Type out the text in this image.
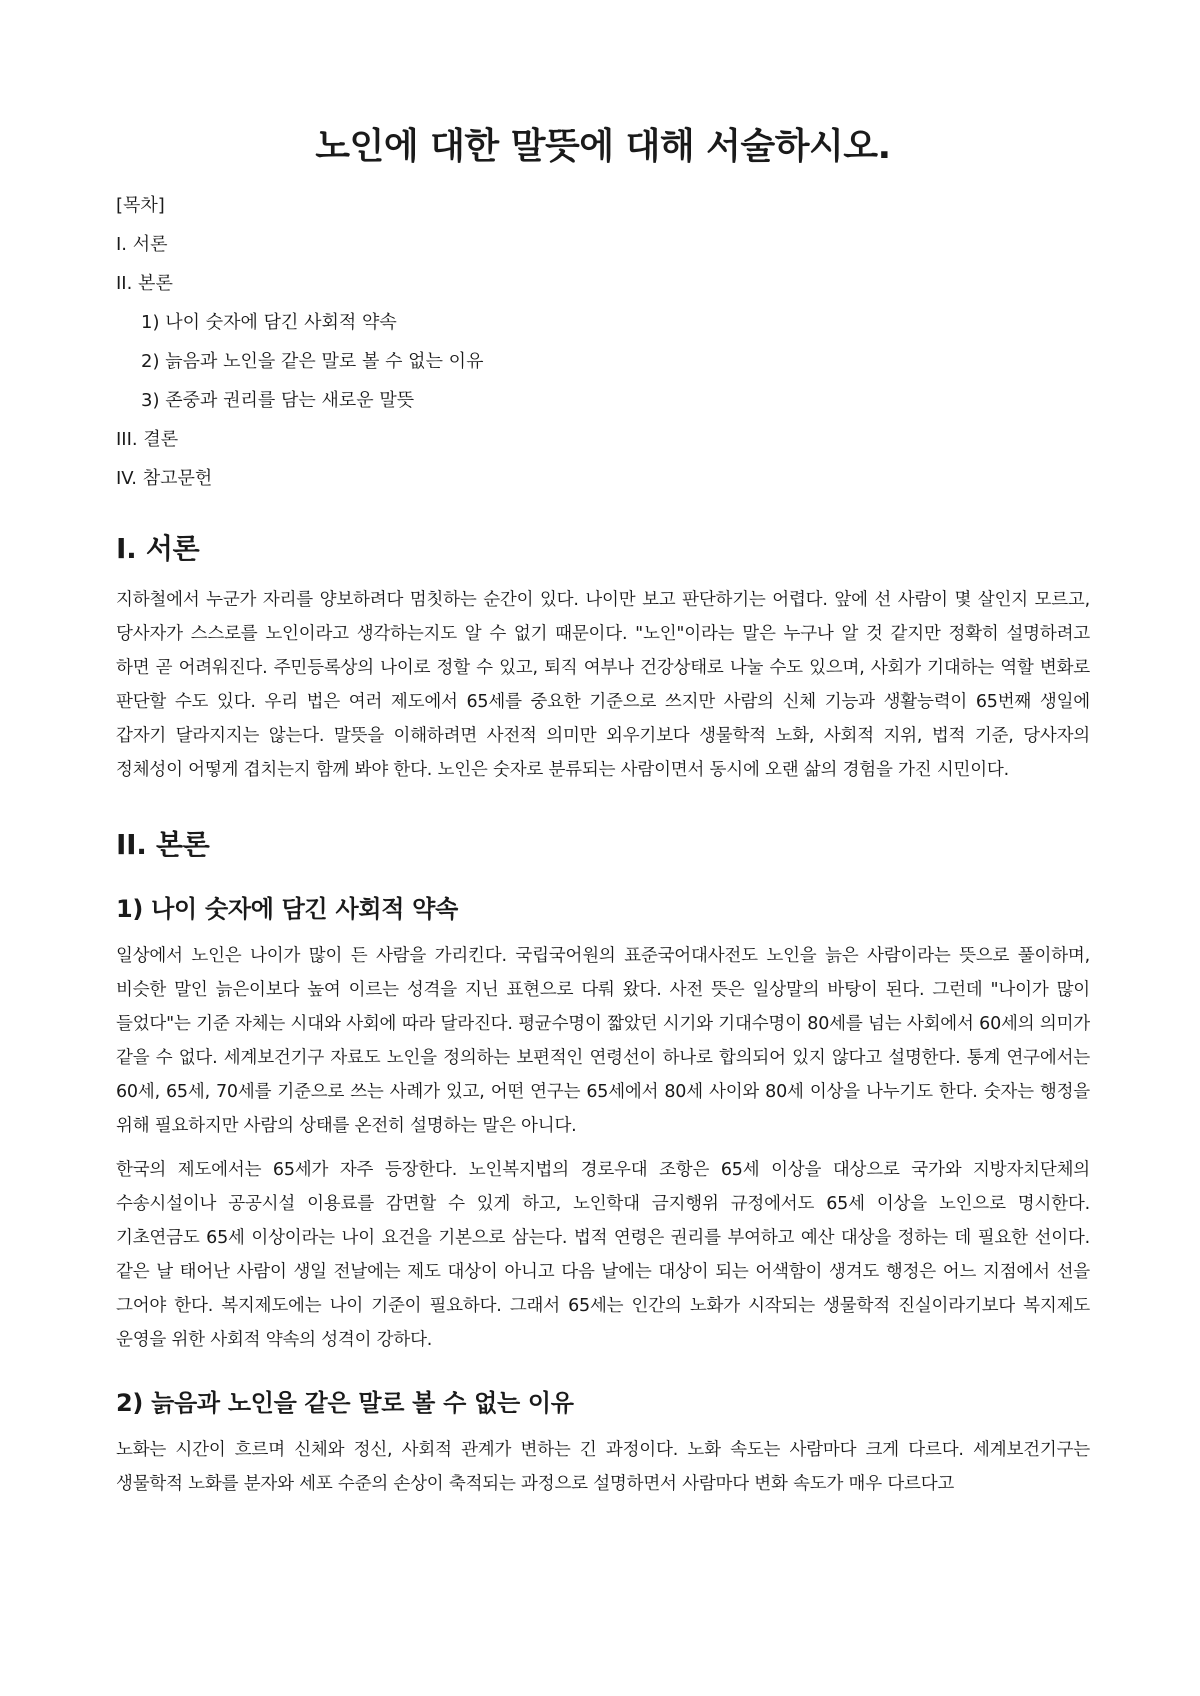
노인에 대한 말뜻에 대해 서술하시오.

[목차]

I. 서론

II. 본론

1) 나이 숫자에 담긴 사회적 약속

2) 늙음과 노인을 같은 말로 볼 수 없는 이유

3) 존중과 권리를 담는 새로운 말뜻

III. 결론

IV. 참고문헌

I. 서론

지하철에서 누군가 자리를 양보하려다 멈칫하는 순간이 있다. 나이만 보고 판단하기는 어렵다. 앞에 선 사람이 몇 살인지 모르고, 당사자가 스스로를 노인이라고 생각하는지도 알 수 없기 때문이다. "노인"이라는 말은 누구나 알 것 같지만 정확히 설명하려고 하면 곧 어려워진다. 주민등록상의 나이로 정할 수 있고, 퇴직 여부나 건강상태로 나눌 수도 있으며, 사회가 기대하는 역할 변화로 판단할 수도 있다. 우리 법은 여러 제도에서 65세를 중요한 기준으로 쓰지만 사람의 신체 기능과 생활능력이 65번째 생일에 갑자기 달라지지는 않는다. 말뜻을 이해하려면 사전적 의미만 외우기보다 생물학적 노화, 사회적 지위, 법적 기준, 당사자의 정체성이 어떻게 겹치는지 함께 봐야 한다. 노인은 숫자로 분류되는 사람이면서 동시에 오랜 삶의 경험을 가진 시민이다.

II. 본론
1) 나이 숫자에 담긴 사회적 약속

일상에서 노인은 나이가 많이 든 사람을 가리킨다. 국립국어원의 표준국어대사전도 노인을 늙은 사람이라는 뜻으로 풀이하며, 비슷한 말인 늙은이보다 높여 이르는 성격을 지닌 표현으로 다뤄 왔다. 사전 뜻은 일상말의 바탕이 된다. 그런데 "나이가 많이 들었다"는 기준 자체는 시대와 사회에 따라 달라진다. 평균수명이 짧았던 시기와 기대수명이 80세를 넘는 사회에서 60세의 의미가 같을 수 없다. 세계보건기구 자료도 노인을 정의하는 보편적인 연령선이 하나로 합의되어 있지 않다고 설명한다. 통계 연구에서는 60세, 65세, 70세를 기준으로 쓰는 사례가 있고, 어떤 연구는 65세에서 80세 사이와 80세 이상을 나누기도 한다. 숫자는 행정을 위해 필요하지만 사람의 상태를 온전히 설명하는 말은 아니다.

한국의 제도에서는 65세가 자주 등장한다. 노인복지법의 경로우대 조항은 65세 이상을 대상으로 국가와 지방자치단체의 수송시설이나 공공시설 이용료를 감면할 수 있게 하고, 노인학대 금지행위 규정에서도 65세 이상을 노인으로 명시한다. 기초연금도 65세 이상이라는 나이 요건을 기본으로 삼는다. 법적 연령은 권리를 부여하고 예산 대상을 정하는 데 필요한 선이다. 같은 날 태어난 사람이 생일 전날에는 제도 대상이 아니고 다음 날에는 대상이 되는 어색함이 생겨도 행정은 어느 지점에서 선을 그어야 한다. 복지제도에는 나이 기준이 필요하다. 그래서 65세는 인간의 노화가 시작되는 생물학적 진실이라기보다 복지제도 운영을 위한 사회적 약속의 성격이 강하다.

2) 늙음과 노인을 같은 말로 볼 수 없는 이유

노화는 시간이 흐르며 신체와 정신, 사회적 관계가 변하는 긴 과정이다. 노화 속도는 사람마다 크게 다르다. 세계보건기구는 생물학적 노화를 분자와 세포 수준의 손상이 축적되는 과정으로 설명하면서 사람마다 변화 속도가 매우 다르다고
